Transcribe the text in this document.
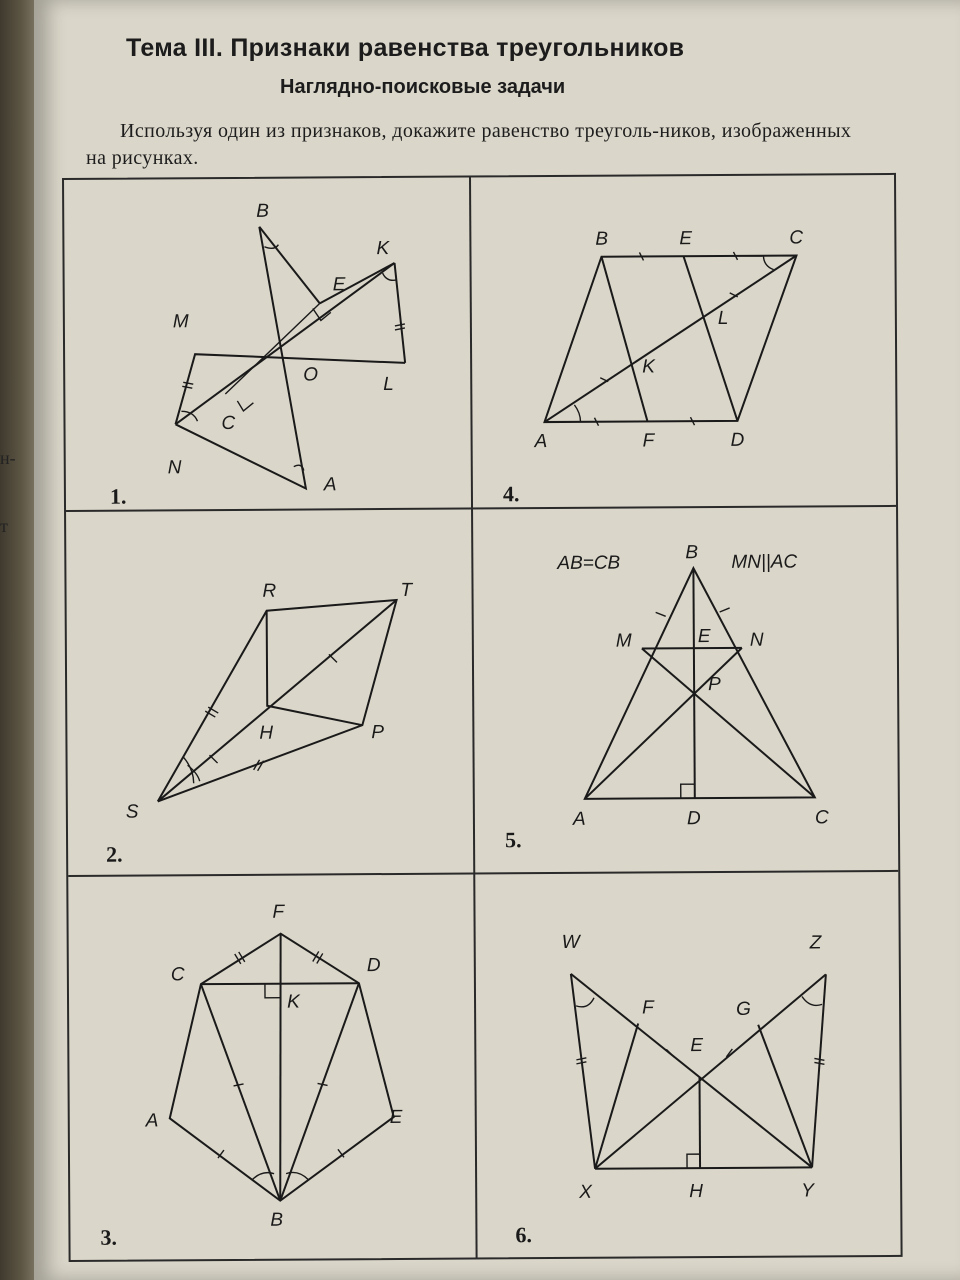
н-
т
Тема III. Признаки равенства треугольников
Наглядно-поисковые задачи
Используя один из признаков, докажите равенство треуголь-ников, изображенных на рисунках.
B
K
E
M
O	L
C
N
A
1.
B	E	C
L
K
A	F	D
4.
R	T
H	P
S
2.
AB=CB	MN||AC
B
M	E N
P
A	D	C
5.
F
C	D
K
A	E
B
3.
W	Z
F	G
E
X	H	Y
6.
